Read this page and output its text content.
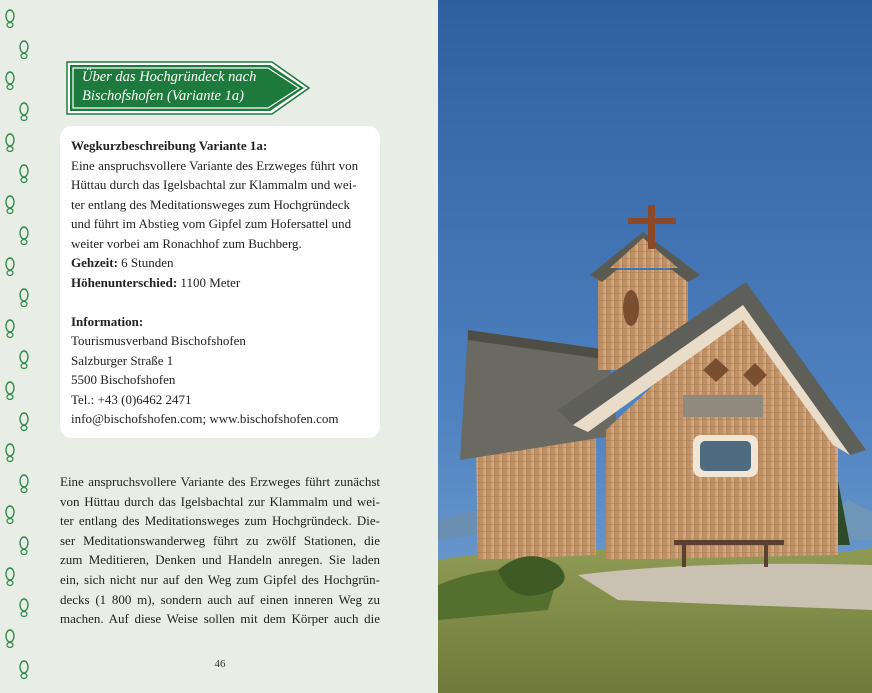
Über das Hochgründeck nach
Bischofshofen (Variante 1a)

Wegkurzbeschreibung Variante 1a:

Eine anspruchsvollere Variante des Erzweges führt von

Hüttau durch das Igelsbachtal zur Klammalm und wei-

ter entlang des Meditationsweges zum Hochgründeck

und führt im Abstieg vom Gipfel zum Hofersattel und

weiter vorbei am Ronachhof zum Buchberg.

Gehzeit: 6 Stunden

Höhenunterschied: 1100 Meter

Information:

Tourismusverband Bischofshofen

Salzburger Straße 1

5500 Bischofshofen

Tel.: +43 (0)6462 2471

info@bischofshofen.com; www.bischofshofen.com

Eine anspruchsvollere Variante des Erzweges führt zunächst
von Hüttau durch das Igelsbachtal zur Klammalm und wei-
ter entlang des Meditationsweges zum Hochgründeck. Die-
ser Meditationswanderweg führt zu zwölf Stationen, die
zum Meditieren, Denken und Handeln anregen. Sie laden
ein, sich nicht nur auf den Weg zum Gipfel des Hochgrün-
decks (1 800 m), sondern auch auf einen inneren Weg zu
machen. Auf diese Weise sollen mit dem Körper auch die
46
